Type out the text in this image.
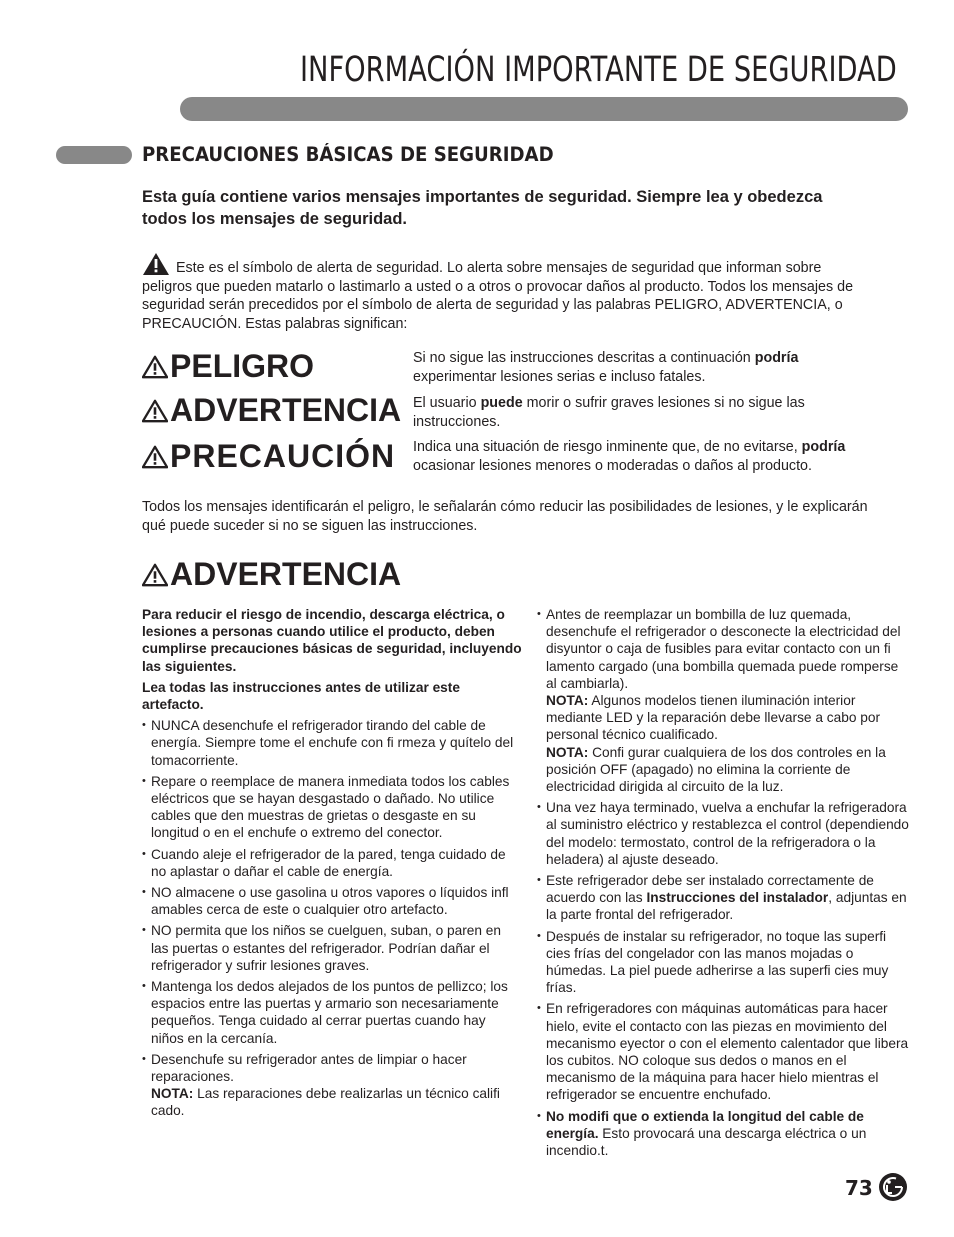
INFORMACIÓN IMPORTANTE DE SEGURIDAD
PRECAUCIONES BÁSICAS DE SEGURIDAD
Esta guía contiene varios mensajes importantes de seguridad. Siempre lea y obedezca todos los mensajes de seguridad.
Este es el símbolo de alerta de seguridad. Lo alerta sobre mensajes de seguridad que informan sobre peligros que pueden matarlo o lastimarlo a usted o a otros o provocar daños al producto. Todos los mensajes de seguridad serán precedidos por el símbolo de alerta de seguridad y las palabras PELIGRO, ADVERTENCIA, o PRECAUCIÓN. Estas palabras significan:
PELIGRO	Si no sigue las instrucciones descritas a continuación podría experimentar lesiones serias e incluso fatales.
ADVERTENCIA El usuario puede morir o sufrir graves lesiones si no sigue las instrucciones.
PRECAUCIÓN Indica una situación de riesgo inminente que, de no evitarse, podría ocasionar lesiones menores o moderadas o daños al producto.
Todos los mensajes identificarán el peligro, le señalarán cómo reducir las posibilidades de lesiones, y le explicarán qué puede suceder si no se siguen las instrucciones.
ADVERTENCIA
Para reducir el riesgo de incendio, descarga eléctrica, o lesiones a personas cuando utilice el producto, deben cumplirse precauciones básicas de seguridad, incluyendo las siguientes.
Lea todas las instrucciones antes de utilizar este artefacto.
• NUNCA desenchufe el refrigerador tirando del cable de energía. Siempre tome el enchufe con fi rmeza y quítelo del tomacorriente.
• Repare o reemplace de manera inmediata todos los cables eléctricos que se hayan desgastado o dañado. No utilice cables que den muestras de grietas o desgaste en su longitud o en el enchufe o extremo del conector.
• Cuando aleje el refrigerador de la pared, tenga cuidado de no aplastar o dañar el cable de energía.
• NO almacene o use gasolina u otros vapores o líquidos infl amables cerca de este o cualquier otro artefacto.
• NO permita que los niños se cuelguen, suban, o paren en las puertas o estantes del refrigerador. Podrían dañar el refrigerador y sufrir lesiones graves.
• Mantenga los dedos alejados de los puntos de pellizco; los espacios entre las puertas y armario son necesariamente pequeños. Tenga cuidado al cerrar puertas cuando hay niños en la cercanía.
• Desenchufe su refrigerador antes de limpiar o hacer reparaciones.
NOTA: Las reparaciones debe realizarlas un técnico califi cado.
• Antes de reemplazar un bombilla de luz quemada, desenchufe el refrigerador o desconecte la electricidad del disyuntor o caja de fusibles para evitar contacto con un fi lamento cargado (una bombilla quemada puede romperse al cambiarla).
NOTA: Algunos modelos tienen iluminación interior mediante LED y la reparación debe llevarse a cabo por personal técnico cualificado.
NOTA: Confi gurar cualquiera de los dos controles en la posición OFF (apagado) no elimina la corriente de electricidad dirigida al circuito de la luz.
• Una vez haya terminado, vuelva a enchufar la refrigeradora al suministro eléctrico y restablezca el control (dependiendo del modelo: termostato, control de la refrigeradora o la heladera) al ajuste deseado.
• Este refrigerador debe ser instalado correctamente de acuerdo con las Instrucciones del instalador, adjuntas en la parte frontal del refrigerador.
• Después de instalar su refrigerador, no toque las superfi cies frías del congelador con las manos mojadas o húmedas. La piel puede adherirse a las superfi cies muy frías.
• En refrigeradores con máquinas automáticas para hacer hielo, evite el contacto con las piezas en movimiento del mecanismo eyector o con el elemento calentador que libera los cubitos. NO coloque sus dedos o manos en el mecanismo de la máquina para hacer hielo mientras el refrigerador se encuentre enchufado.
• No modifi que o extienda la longitud del cable de energía. Esto provocará una descarga eléctrica o un incendio.t.
73
